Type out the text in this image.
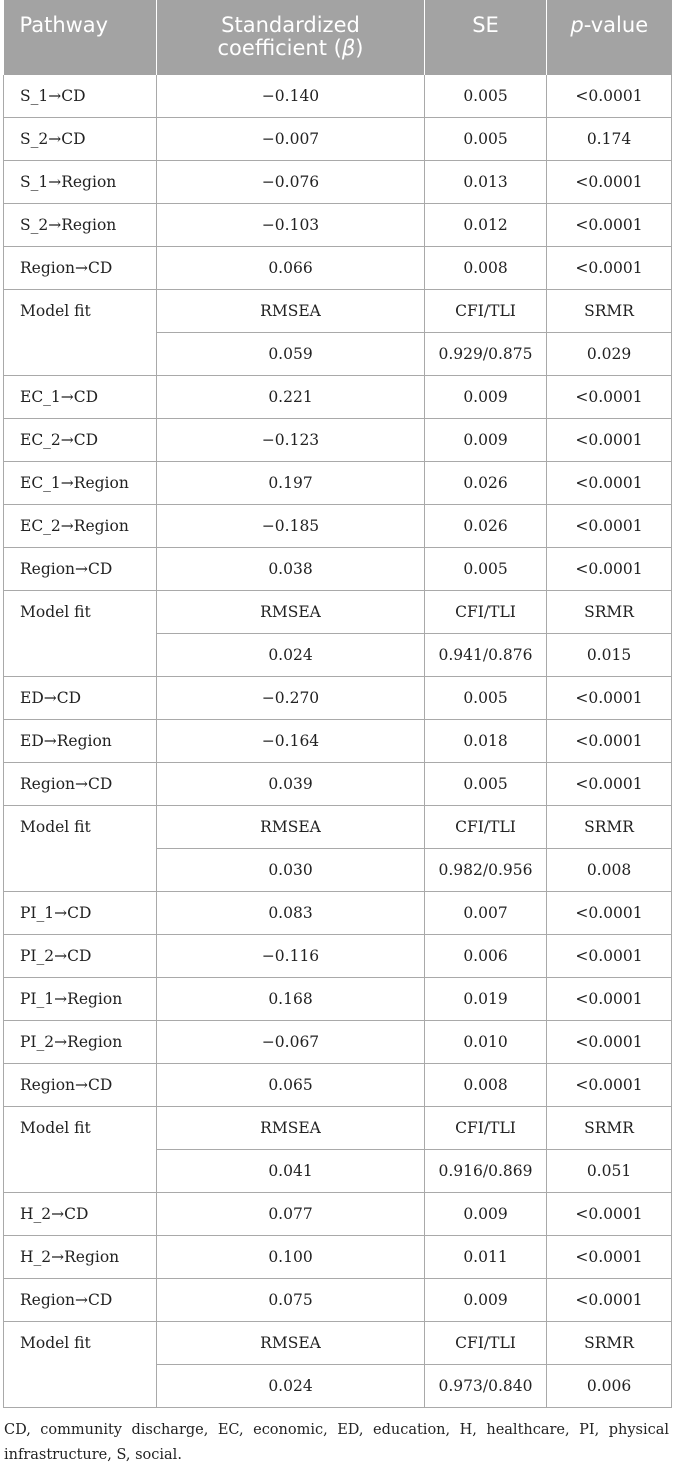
Pathway	Standardized
coefficient (β)	SE	p-value

S_1→CD	−0.140	0.005	<0.0001
S_2→CD	−0.007	0.005	0.174
S_1→Region	−0.076	0.013	<0.0001
S_2→Region	−0.103	0.012	<0.0001
Region→CD	0.066	0.008	<0.0001
Model fit	RMSEA	CFI/TLI	SRMR
	0.059	0.929/0.875	0.029
EC_1→CD	0.221	0.009	<0.0001
EC_2→CD	−0.123	0.009	<0.0001
EC_1→Region	0.197	0.026	<0.0001
EC_2→Region	−0.185	0.026	<0.0001
Region→CD	0.038	0.005	<0.0001
Model fit	RMSEA	CFI/TLI	SRMR
	0.024	0.941/0.876	0.015
ED→CD	−0.270	0.005	<0.0001
ED→Region	−0.164	0.018	<0.0001
Region→CD	0.039	0.005	<0.0001
Model fit	RMSEA	CFI/TLI	SRMR
	0.030	0.982/0.956	0.008
PI_1→CD	0.083	0.007	<0.0001
PI_2→CD	−0.116	0.006	<0.0001
PI_1→Region	0.168	0.019	<0.0001
PI_2→Region	−0.067	0.010	<0.0001
Region→CD	0.065	0.008	<0.0001
Model fit	RMSEA	CFI/TLI	SRMR
	0.041	0.916/0.869	0.051
H_2→CD	0.077	0.009	<0.0001
H_2→Region	0.100	0.011	<0.0001
Region→CD	0.075	0.009	<0.0001
Model fit	RMSEA	CFI/TLI	SRMR
	0.024	0.973/0.840	0.006

CD, community discharge, EC, economic, ED, education, H, healthcare, PI, physical infrastructure, S, social.
